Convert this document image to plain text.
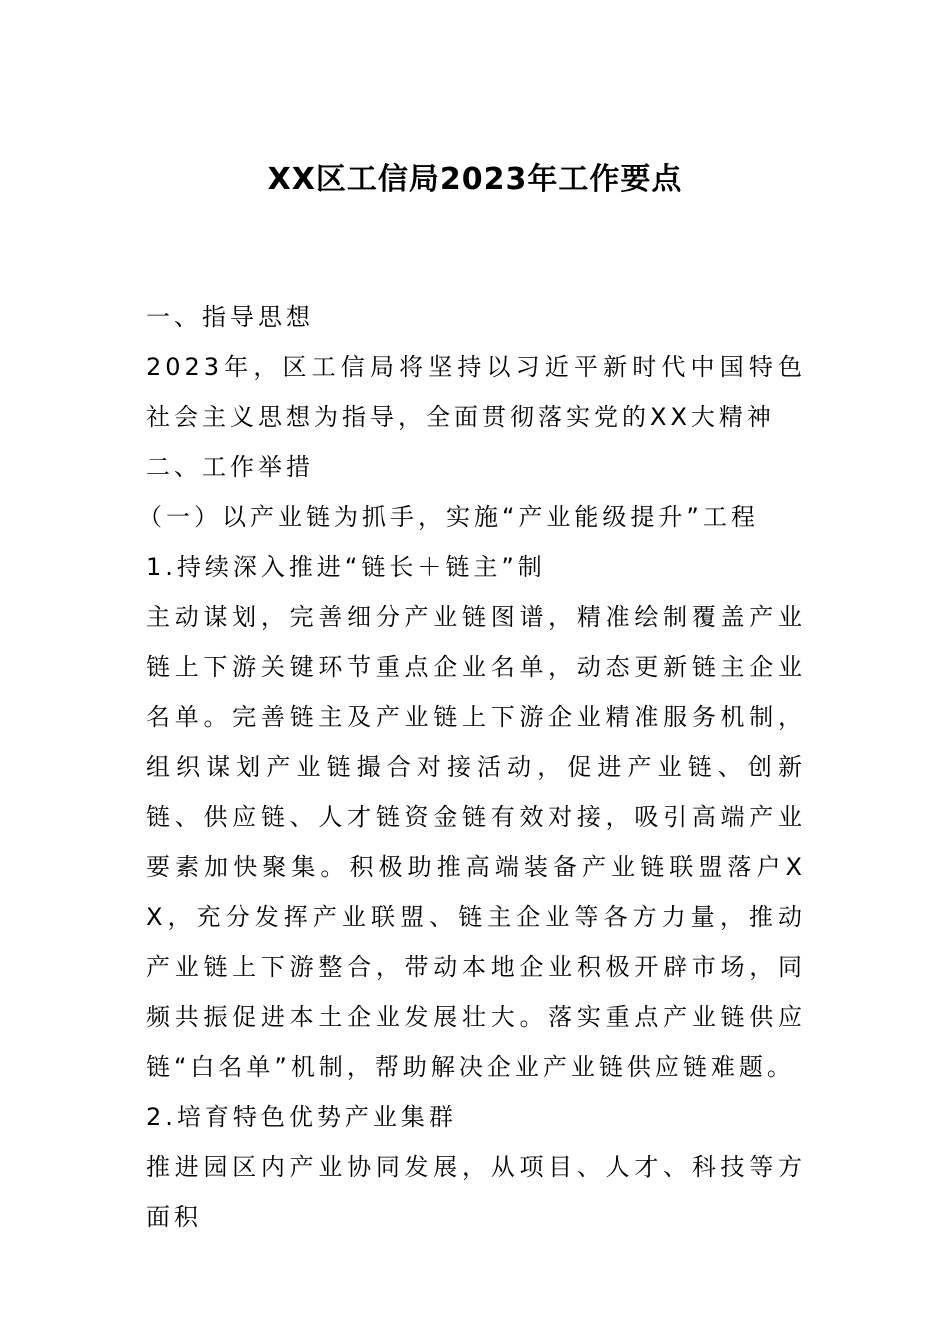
XX区工信局2023年工作要点

一、指导思想

2023年，区工信局将坚持以习近平新时代中国特色社会主义思想为指导，全面贯彻落实党的XX大精神

二、工作举措

（一）以产业链为抓手，实施“产业能级提升”工程

1.持续深入推进“链长＋链主”制

主动谋划，完善细分产业链图谱，精准绘制覆盖产业链上下游关键环节重点企业名单，动态更新链主企业名单。完善链主及产业链上下游企业精准服务机制，组织谋划产业链撮合对接活动，促进产业链、创新链、供应链、人才链资金链有效对接，吸引高端产业要素加快聚集。积极助推高端装备产业链联盟落户XX，充分发挥产业联盟、链主企业等各方力量，推动产业链上下游整合，带动本地企业积极开辟市场，同频共振促进本土企业发展壮大。落实重点产业链供应链“白名单”机制，帮助解决企业产业链供应链难题。

2.培育特色优势产业集群

推进园区内产业协同发展，从项目、人才、科技等方面积
